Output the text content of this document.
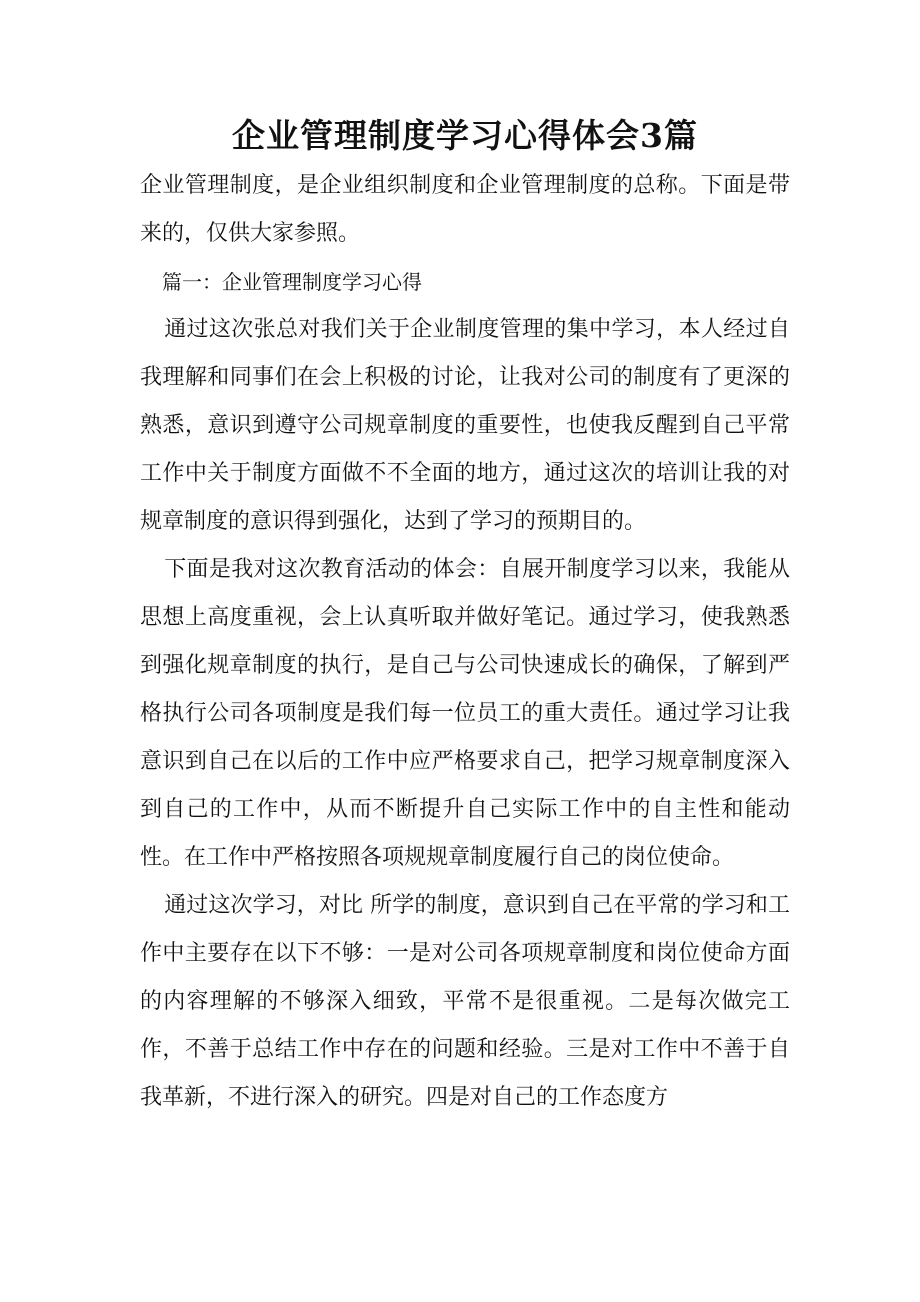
企业管理制度学习心得体会3篇

企业管理制度，是企业组织制度和企业管理制度的总称。下面是带来的，仅供大家参照。

篇一：企业管理制度学习心得

通过这次张总对我们关于企业制度管理的集中学习，本人经过自我理解和同事们在会上积极的讨论，让我对公司的制度有了更深的熟悉，意识到遵守公司规章制度的重要性，也使我反醒到自己平常工作中关于制度方面做不不全面的地方，通过这次的培训让我的对规章制度的意识得到强化，达到了学习的预期目的。

下面是我对这次教育活动的体会：自展开制度学习以来，我能从思想上高度重视，会上认真听取并做好笔记。通过学习，使我熟悉到强化规章制度的执行，是自己与公司快速成长的确保，了解到严格执行公司各项制度是我们每一位员工的重大责任。通过学习让我意识到自己在以后的工作中应严格要求自己，把学习规章制度深入到自己的工作中，从而不断提升自己实际工作中的自主性和能动性。在工作中严格按照各项规规章制度履行自己的岗位使命。

通过这次学习，对比 所学的制度，意识到自己在平常的学习和工作中主要存在以下不够：一是对公司各项规章制度和岗位使命方面的内容理解的不够深入细致，平常不是很重视。二是每次做完工作，不善于总结工作中存在的问题和经验。三是对工作中不善于自我革新，不进行深入的研究。四是对自己的工作态度方
